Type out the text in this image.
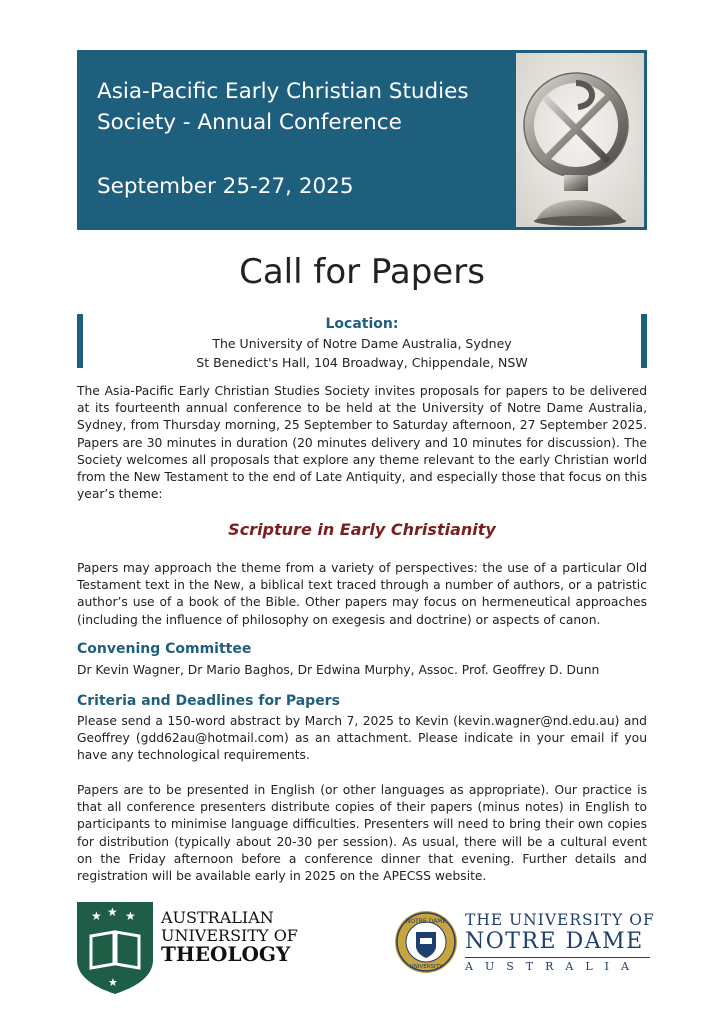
Asia-Pacific Early Christian Studies Society - Annual Conference
September 25-27, 2025
Call for Papers
Location:
The University of Notre Dame Australia, Sydney
St Benedict's Hall, 104 Broadway, Chippendale, NSW
The Asia-Pacific Early Christian Studies Society invites proposals for papers to be delivered at its fourteenth annual conference to be held at the University of Notre Dame Australia, Sydney, from Thursday morning, 25 September to Saturday afternoon, 27 September 2025. Papers are 30 minutes in duration (20 minutes delivery and 10 minutes for discussion). The Society welcomes all proposals that explore any theme relevant to the early Christian world from the New Testament to the end of Late Antiquity, and especially those that focus on this year’s theme:
Scripture in Early Christianity
Papers may approach the theme from a variety of perspectives: the use of a particular Old Testament text in the New, a biblical text traced through a number of authors, or a patristic author’s use of a book of the Bible. Other papers may focus on hermeneutical approaches (including the influence of philosophy on exegesis and doctrine) or aspects of canon.
Convening Committee
Dr Kevin Wagner, Dr Mario Baghos, Dr Edwina Murphy, Assoc. Prof. Geoffrey D. Dunn
Criteria and Deadlines for Papers
Please send a 150-word abstract by March 7, 2025 to Kevin (kevin.wagner@nd.edu.au) and Geoffrey (gdd62au@hotmail.com) as an attachment. Please indicate in your email if you have any technological requirements.
Papers are to be presented in English (or other languages as appropriate). Our practice is that all conference presenters distribute copies of their papers (minus notes) in English to participants to minimise language difficulties. Presenters will need to bring their own copies for distribution (typically about 20-30 per session). As usual, there will be a cultural event on the Friday afternoon before a conference dinner that evening. Further details and registration will be available early in 2025 on the APECSS website.
★ ★ ★
★
AUSTRALIAN
UNIVERSITY OF
THEOLOGY
NOTRE DAME
UNIVERSITY
THE UNIVERSITY OF
NOTRE DAME
AUSTRALIA
